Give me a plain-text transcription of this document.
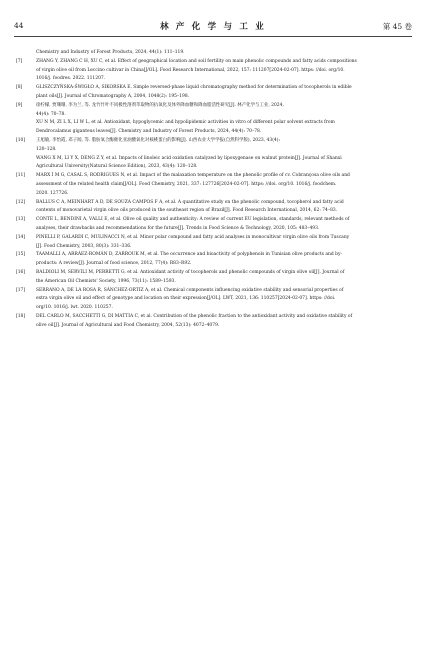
44	林 产 化 学 与 工 业	第 45 卷
Chemistry and Industry of Forest Products, 2024, 44(1): 111–119.
[7]	ZHANG Y, ZHANG C H, XU C, et al. Effect of geographical location and soil fertility on main phenolic compounds and fatty acids compositions
of virgin olive oil from Leccino cultivar in China[J/OL]. Food Research International, 2022, 157: 111207[2024-02-07]. https: //doi. org/10.
1016/j. foodres. 2022. 111207.
[8]	GLISZCZYŃSKA-ŚWIGŁO A, SIKORSKA E. Simple reversed-phase liquid chromatography method for determination of tocopherols in edible
plant oils[J]. Journal of Chromatography A, 2004, 1048(2): 195–198.
[9]	徐柠檬, 贾珊珊, 李为兰, 等. 龙竹竹叶不同极性溶剂萃取物的抗氧化及体外降血糖和降血脂活性研究[J]. 林产化学与工业, 2024,
44(4): 70–78.
XU N M, ZI L X, LI W L, et al. Antioxidant, hypoglycemic and hypolipidemic activities in vitro of different polar solvent extracts from
Dendrocalamus giganteus leaves[J]. Chemistry and Industry of Forest Products, 2024, 44(4): 70–78.
[10] 王旭敏, 李怡霞, 邓子闻, 等. 脂肪氧合酶催化亚油酸氧化对核桃蛋白的影响[J]. 山西农业大学学报(自然科学版), 2023, 43(4):
120–128.
WANG X M, LI Y X, DENG Z Y, et al. Impacts of linoleic acid oxidation catalyzed by lipoxygenase on walnut protein[J]. Journal of Shanxi
Agricultural University(Natural Science Edition), 2023, 43(4): 120–128.
[11] MARX Í M G, CASAL S, RODRIGUES N, et al. Impact of the malaxation temperature on the phenolic profile of cv. Cobrançosa olive oils and
assessment of the related health claim[J/OL]. Food Chemistry, 2021, 337: 127726[2024-02-07]. https: //doi. org/10. 1016/j. foodchem.
2020. 127726.
[12] BALLUS C A, MEINHART A D, DE SOUZA CAMPOS F A, et al. A quantitative study on the phenolic compound, tocopherol and fatty acid
contents of monovarietal virgin olive oils produced in the southeast region of Brazil[J]. Food Research International, 2014, 62: 74–83.
[13] CONTE L, BENDINI A, VALLI E, et al. Olive oil quality and authenticity: A review of current EU legislation, standards, relevant methods of
analyses, their drawbacks and recommendations for the future[J]. Trends in Food Science & Technology, 2020, 105: 483–493.
[14] PINELLI P, GALARDI C, MULINACCI N, et al. Minor polar compound and fatty acid analyses in monocultivar virgin olive oils from Tuscany
[J]. Food Chemistry, 2003, 80(3): 331–336.
[15] TAAMALLI A, ARRÁEZ-ROMÁN D, ZARROUK M, et al. The occurrence and bioactivity of polyphenols in Tunisian olive products and by-
products: A review[J]. Journal of food science, 2012, 77(4): R83–R92.
[16] BALDIOLI M, SERVILI M, PERRETTI G, et al. Antioxidant activity of tocopherols and phenolic compounds of virgin olive oil[J]. Journal of
the American Oil Chemists' Society, 1996, 73(11): 1589–1593.
[17] SERRANO A, DE LA ROSA R, SÁNCHEZ-ORTIZ A, et al. Chemical components influencing oxidative stability and sensorial properties of
extra virgin olive oil and effect of genotype and location on their expression[J/OL]. LWT, 2021, 136: 110257[2024-02-07]. https: //doi.
org/10. 1016/j. lwt. 2020. 110257.
[18] DEL CARLO M, SACCHETTI G, DI MATTIA C, et al. Contribution of the phenolic fraction to the antioxidant activity and oxidative stability of
olive oil[J]. Journal of Agricultural and Food Chemistry, 2004, 52(13): 4072–4079.
